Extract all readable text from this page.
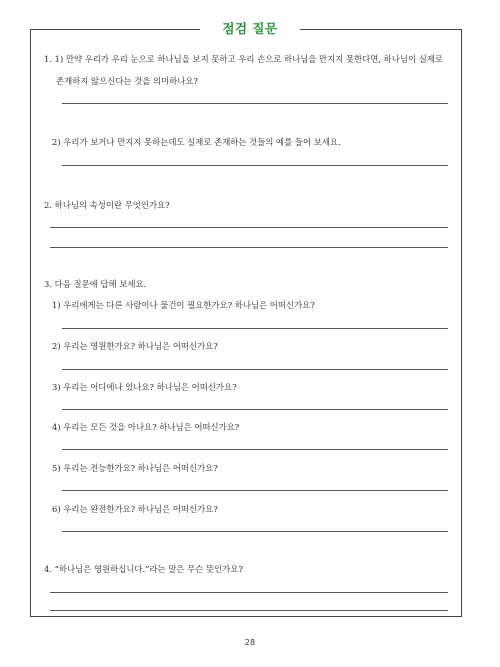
점검 질문
1. 1) 만약 우리가 우리 눈으로 하나님을 보지 못하고 우리 손으로 하나님을 만지지 못한다면, 하나님이 실제로
존재하지 않으신다는 것을 의미하나요?
2) 우리가 보거나 만지지 못하는데도 실제로 존재하는 것들의 예를 들어 보세요.
2. 하나님의 속성이란 무엇인가요?
3. 다음 질문에 답해 보세요.
1) 우리에게는 다른 사람이나 물건이 필요한가요? 하나님은 어떠신가요?
2) 우리는 영원한가요? 하나님은 어떠신가요?
3) 우리는 어디에나 있나요? 하나님은 어떠신가요?
4) 우리는 모든 것을 아나요? 하나님은 어떠신가요?
5) 우리는 전능한가요? 하나님은 어떠신가요?
6) 우리는 완전한가요? 하나님은 어떠신가요?
4. “하나님은 영원하십니다.”라는 말은 무슨 뜻인가요?
28
